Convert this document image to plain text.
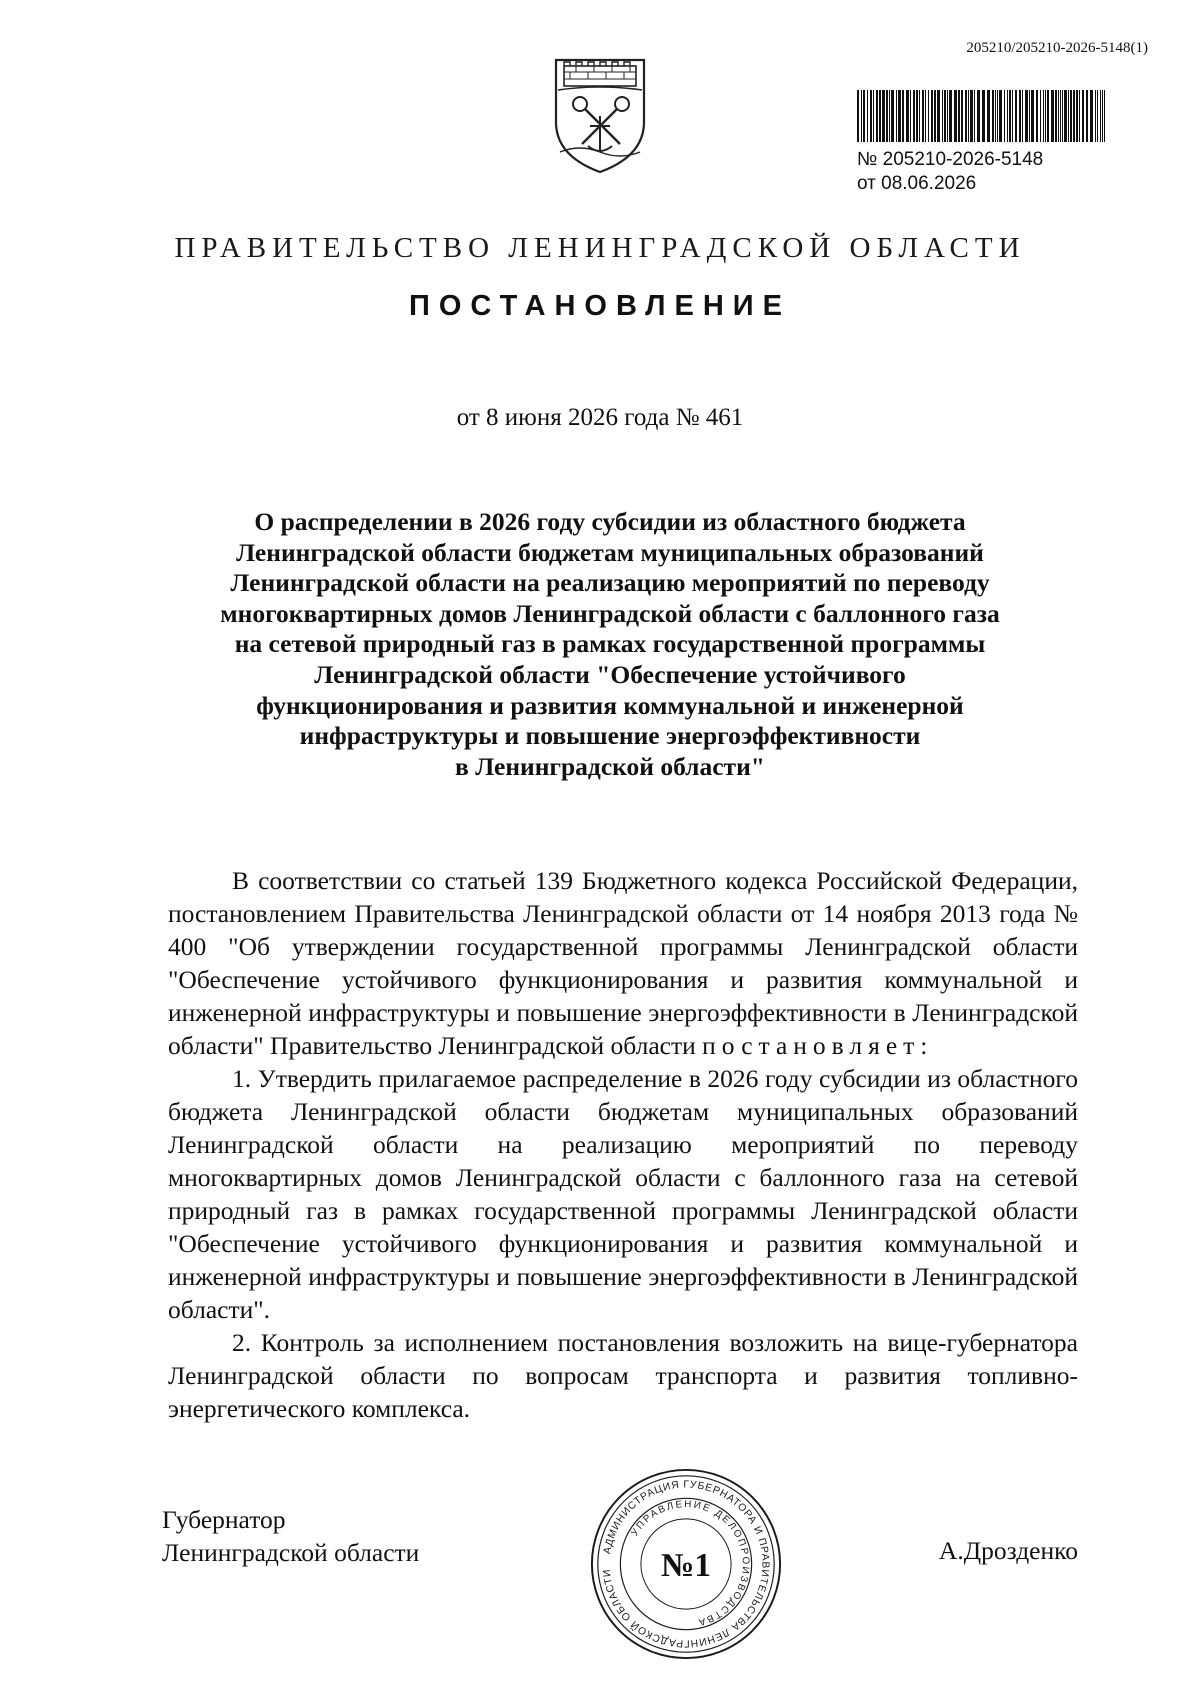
205210/205210-2026-5148(1)
№ 205210-2026-5148
от 08.06.2026
ПРАВИТЕЛЬСТВО ЛЕНИНГРАДСКОЙ ОБЛАСТИ
ПОСТАНОВЛЕНИЕ
от 8 июня 2026 года № 461
О распределении в 2026 году субсидии из областного бюджета
Ленинградской области бюджетам муниципальных образований
Ленинградской области на реализацию мероприятий по переводу
многоквартирных домов Ленинградской области с баллонного газа
на сетевой природный газ в рамках государственной программы
Ленинградской области "Обеспечение устойчивого
функционирования и развития коммунальной и инженерной
инфраструктуры и повышение энергоэффективности
в Ленинградской области"

В соответствии со статьей 139 Бюджетного кодекса Российской Федерации, постановлением Правительства Ленинградской области от 14 ноября 2013 года № 400 "Об утверждении государственной программы Ленинградской области "Обеспечение устойчивого функционирования и развития коммунальной и инженерной инфраструктуры и повышение энергоэффективности в Ленинградской области" Правительство Ленинградской области постановляет:

1. Утвердить прилагаемое распределение в 2026 году субсидии из областного бюджета Ленинградской области бюджетам муниципальных образований Ленинградской области на реализацию мероприятий по переводу многоквартирных домов Ленинградской области с баллонного газа на сетевой природный газ в рамках государственной программы Ленинградской области "Обеспечение устойчивого функционирования и развития коммунальной и инженерной инфраструктуры и повышение энергоэффективности в Ленинградской области".

2. Контроль за исполнением постановления возложить на вице-губернатора Ленинградской области по вопросам транспорта и развития топливно-энергетического комплекса.

Губернатор
Ленинградской области	АДМИНИСТРАЦИЯ ГУБЕРНАТОРА И ПРАВИТЕЛЬСТВА ЛЕНИНГРАДСКОЙ ОБЛАСТИ
УПРАВЛЕНИЕ ДЕЛОПРОИЗВОДСТВА
№1	А.Дрозденко
